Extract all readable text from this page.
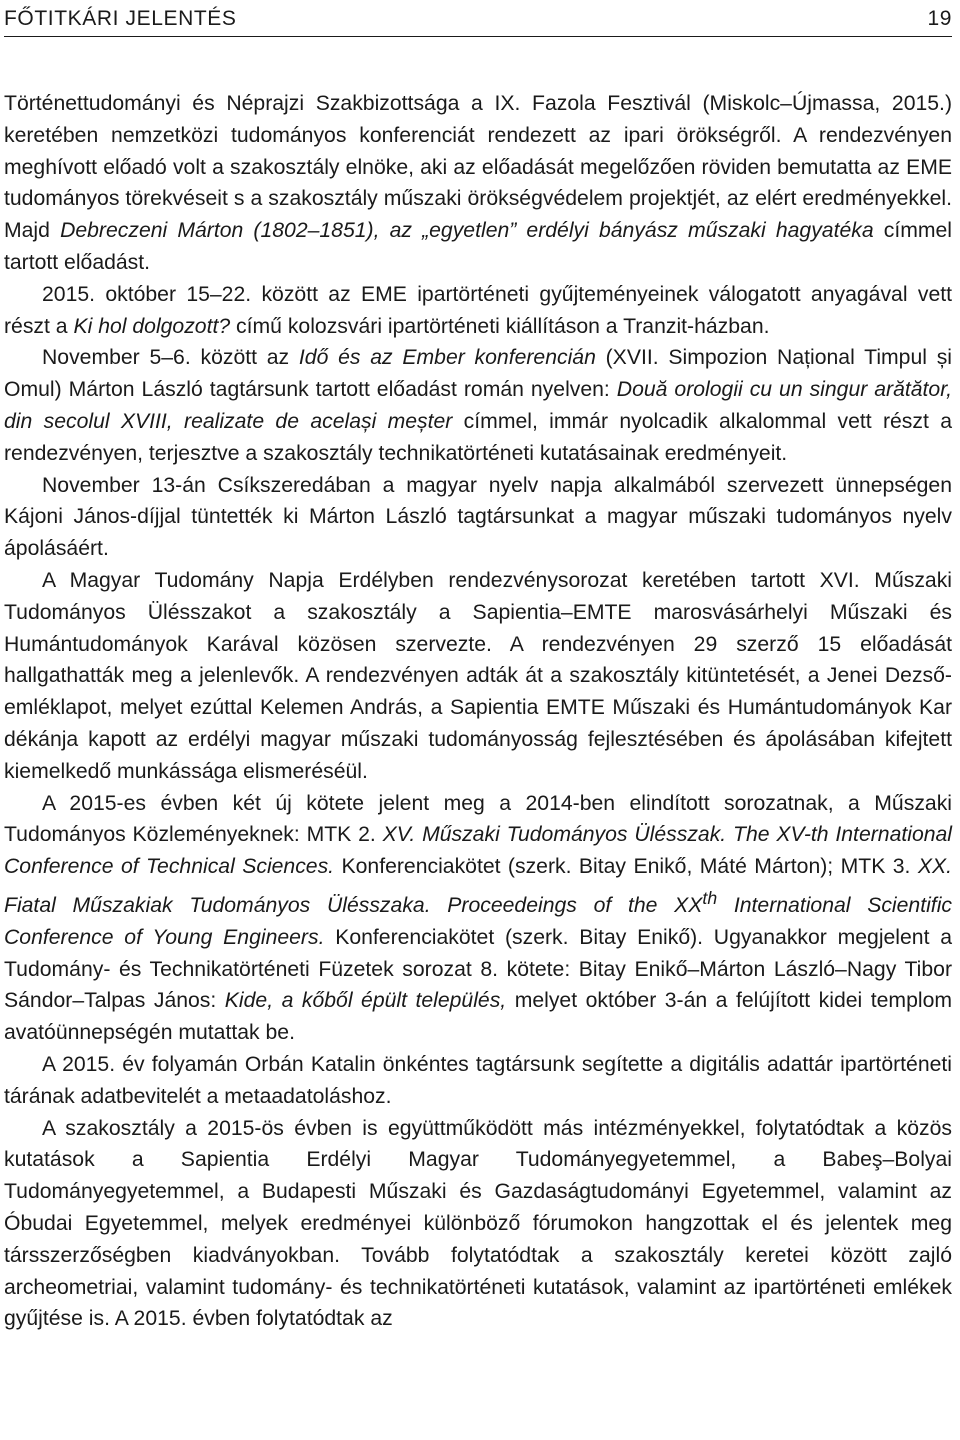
FŐTITKÁRI JELENTÉS	19

Történettudományi és Néprajzi Szakbizottsága a IX. Fazola Fesztivál (Miskolc–Újmassa, 2015.) keretében nemzetközi tudományos konferenciát rendezett az ipari örökségről. A rendezvényen meghívott előadó volt a szakosztály elnöke, aki az előadását megelőzően röviden bemutatta az EME tudományos törekvéseit s a szakosztály műszaki örökségvédelem projektjét, az elért eredményekkel. Majd Debreczeni Márton (1802–1851), az „egyetlen” erdélyi bányász műszaki hagyatéka címmel tartott előadást.

2015. október 15–22. között az EME ipartörténeti gyűjteményeinek válogatott anyagával vett részt a Ki hol dolgozott? című kolozsvári ipartörténeti kiállításon a Tranzit-házban.

November 5–6. között az Idő és az Ember konferencián (XVII. Simpozion Național Timpul și Omul) Márton László tagtársunk tartott előadást román nyelven: Două orologii cu un singur arătător, din secolul XVIII, realizate de același meșter címmel, immár nyolcadik alkalommal vett részt a rendezvényen, terjesztve a szakosztály technikatörténeti kutatásainak eredményeit.

November 13-án Csíkszeredában a magyar nyelv napja alkalmából szervezett ünnepségen Kájoni János-díjjal tüntették ki Márton László tagtársunkat a magyar műszaki tudományos nyelv ápolásáért.

A Magyar Tudomány Napja Erdélyben rendezvénysorozat keretében tartott XVI. Műszaki Tudományos Ülésszakot a szakosztály a Sapientia–EMTE marosvásárhelyi Műszaki és Humántudományok Karával közösen szervezte. A rendezvényen 29 szerző 15 előadását hallgathatták meg a jelenlevők. A rendezvényen adták át a szakosztály kitüntetését, a Jenei Dezső-emléklapot, melyet ezúttal Kelemen András, a Sapientia EMTE Műszaki és Humántudományok Kar dékánja kapott az erdélyi magyar műszaki tudományosság fejlesztésében és ápolásában kifejtett kiemelkedő munkássága elismeréséül.

A 2015-es évben két új kötete jelent meg a 2014-ben elindított sorozatnak, a Műszaki Tudományos Közleményeknek: MTK 2. XV. Műszaki Tudományos Ülésszak. The XV-th International Conference of Technical Sciences. Konferenciakötet (szerk. Bitay Enikő, Máté Márton); MTK 3. XX. Fiatal Műszakiak Tudományos Ülésszaka. Proceedeings of the XXth International Scientific Conference of Young Engineers. Konferenciakötet (szerk. Bitay Enikő). Ugyanakkor megjelent a Tudomány- és Technikatörténeti Füzetek sorozat 8. kötete: Bitay Enikő–Márton László–Nagy Tibor Sándor–Talpas János: Kide, a kőből épült település, melyet október 3-án a felújított kidei templom avatóünnepségén mutattak be.

A 2015. év folyamán Orbán Katalin önkéntes tagtársunk segítette a digitális adattár ipartörténeti tárának adatbevitelét a metaadatoláshoz.

A szakosztály a 2015-ös évben is együttműködött más intézményekkel, folytatódtak a közös kutatások a Sapientia Erdélyi Magyar Tudományegyetemmel, a Babeş–Bolyai Tudományegyetemmel, a Budapesti Műszaki és Gazdaságtudományi Egyetemmel, valamint az Óbudai Egyetemmel, melyek eredményei különböző fórumokon hangzottak el és jelentek meg társszerzőségben kiadványokban. Tovább folytatódtak a szakosztály keretei között zajló archeometriai, valamint tudomány- és technikatörténeti kutatások, valamint az ipartörténeti emlékek gyűjtése is. A 2015. évben folytatódtak az
